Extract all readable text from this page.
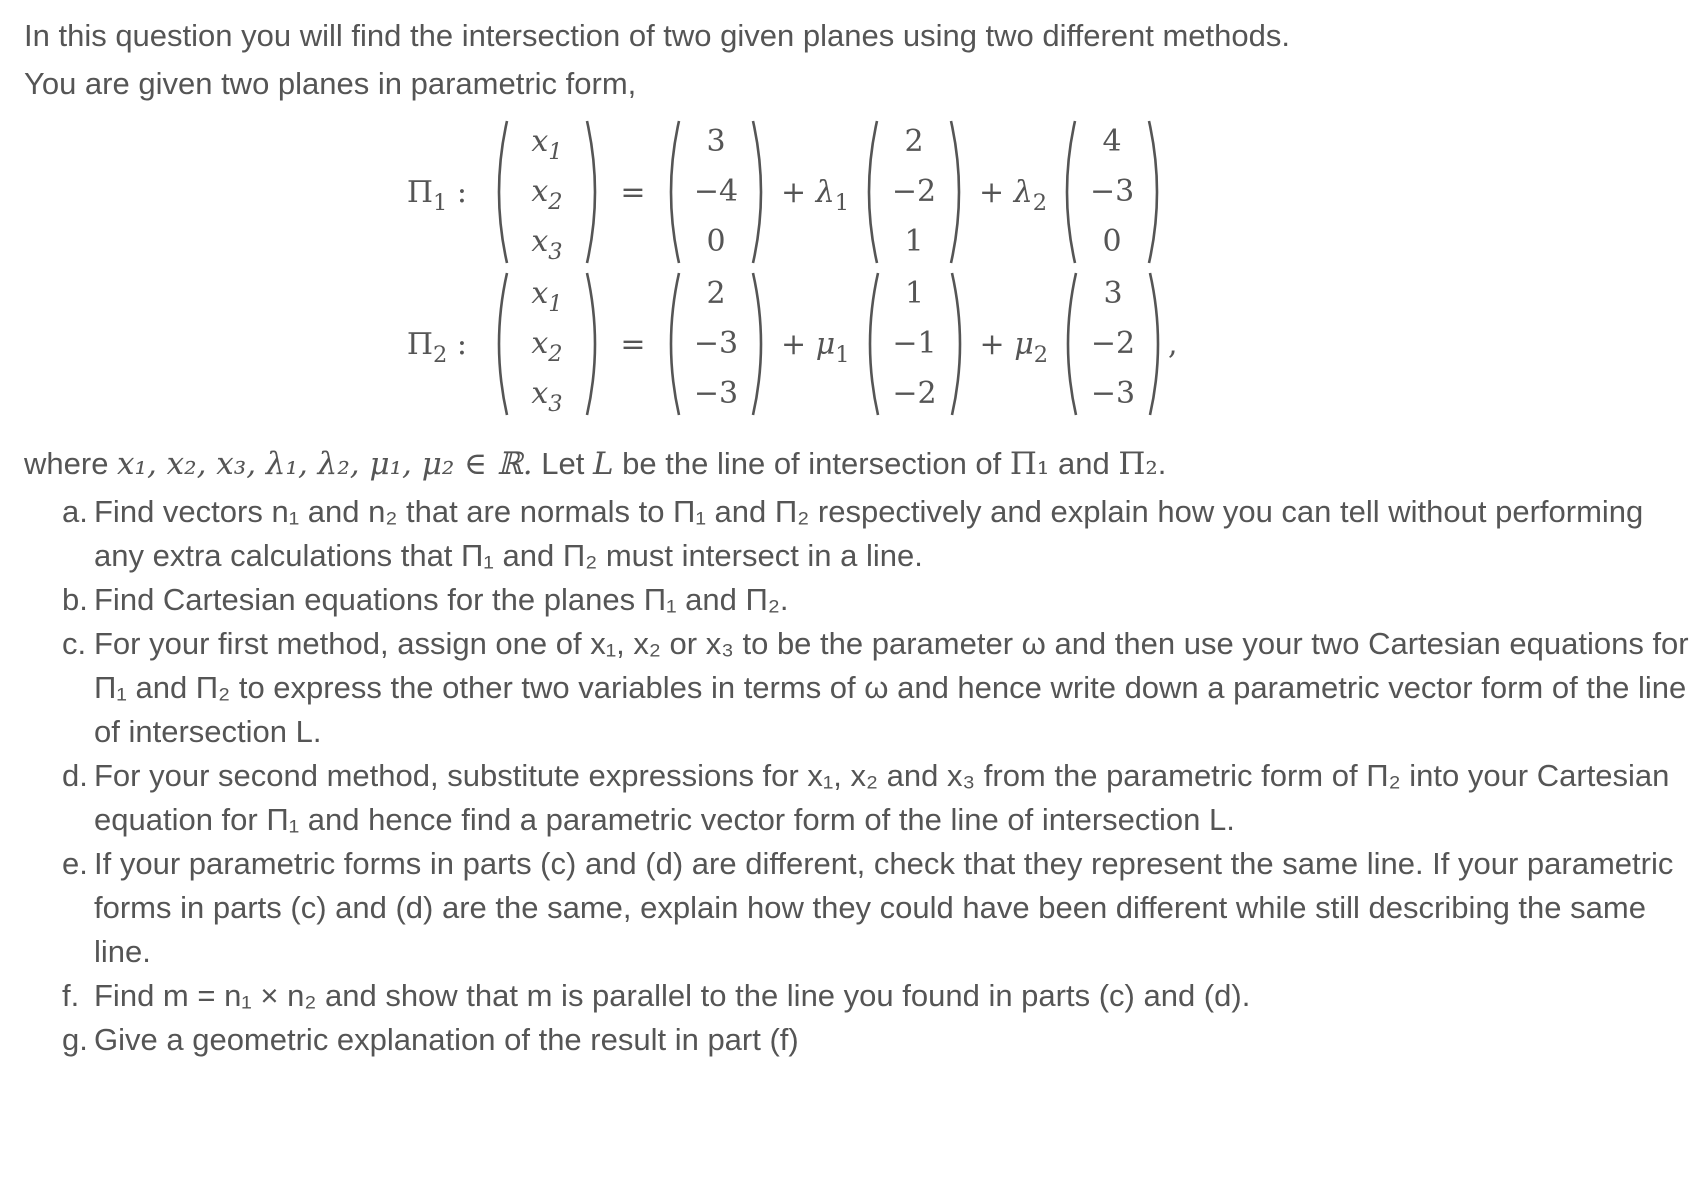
In this question you will find the intersection of two given planes using two different methods.
You are given two planes in parametric form,
$\Pi_1$ :
$x_1$
$x_2$
$x_3$
=
3
−4
0
+ $\lambda_1$
2
−2
1
+ $\lambda_2$
4
−3
0
$\Pi_2$ :
$x_1$
$x_2$
$x_3$
=
2
−3
−3
+ $\mu_1$
1
−1
−2
+ $\mu_2$
3
−2
−3
,
where x₁, x₂, x₃, λ₁, λ₂, μ₁, μ₂ ∈ ℝ. Let L be the line of intersection of Π₁ and Π₂.
a. Find vectors n₁ and n₂ that are normals to Π₁ and Π₂ respectively and explain how you can tell without performing any extra calculations that Π₁ and Π₂ must intersect in a line.
b. Find Cartesian equations for the planes Π₁ and Π₂.
c. For your first method, assign one of x₁, x₂ or x₃ to be the parameter ω and then use your two Cartesian equations for Π₁ and Π₂ to express the other two variables in terms of ω and hence write down a parametric vector form of the line of intersection L.
d. For your second method, substitute expressions for x₁, x₂ and x₃ from the parametric form of Π₂ into your Cartesian equation for Π₁ and hence find a parametric vector form of the line of intersection L.
e. If your parametric forms in parts (c) and (d) are different, check that they represent the same line. If your parametric forms in parts (c) and (d) are the same, explain how they could have been different while still describing the same line.
f. Find m = n₁ × n₂ and show that m is parallel to the line you found in parts (c) and (d).
g. Give a geometric explanation of the result in part (f)
